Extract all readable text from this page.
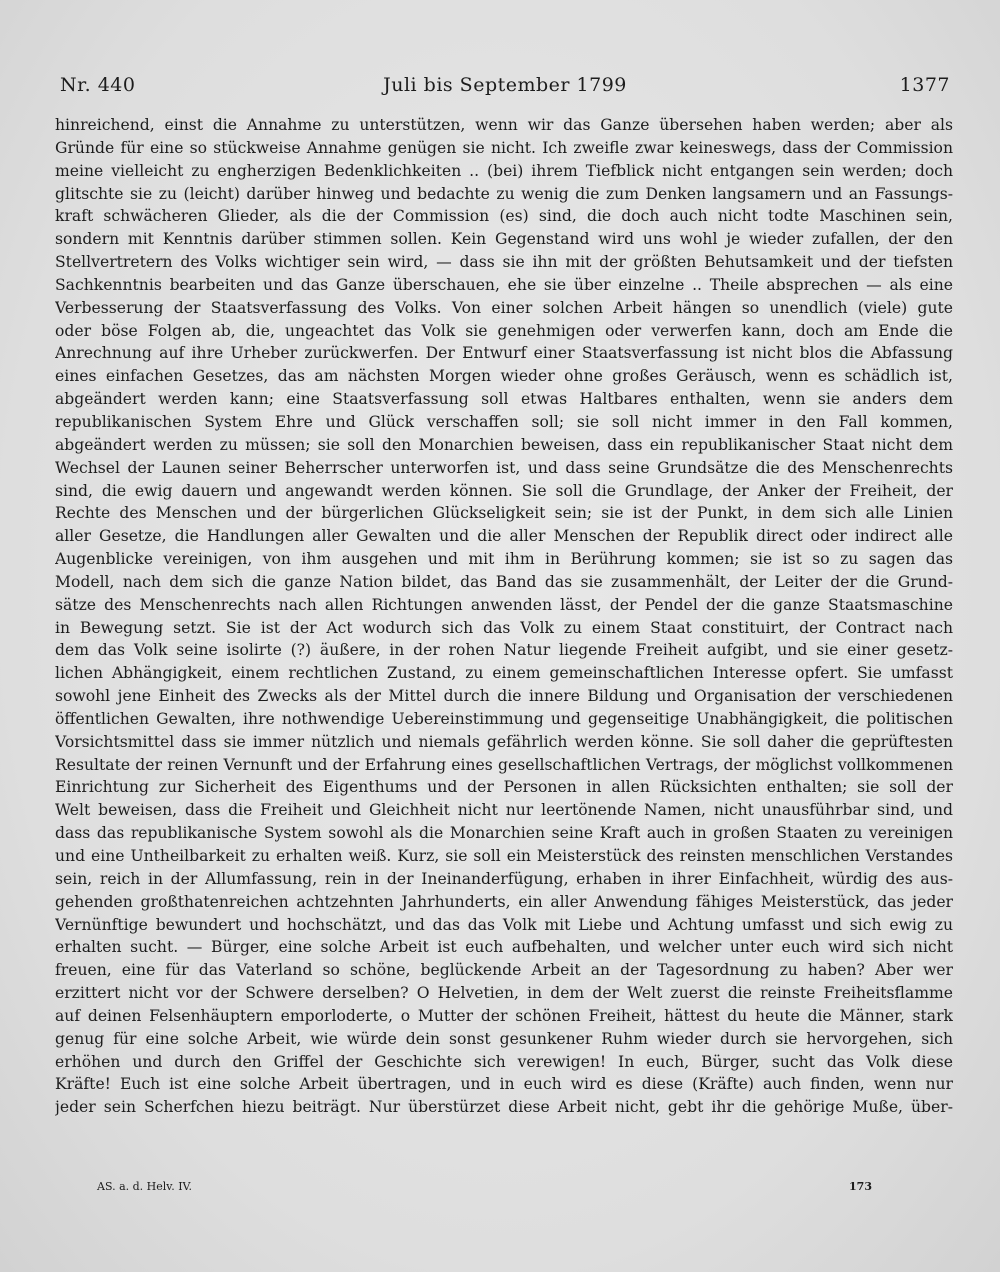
Nr. 440	Juli bis September 1799	1377
hinreichend, einst die Annahme zu unterstützen, wenn wir das Ganze übersehen haben werden; aber als
Gründe für eine so stückweise Annahme genügen sie nicht. Ich zweifle zwar keineswegs, dass der Commission
meine vielleicht zu engherzigen Bedenklichkeiten .. (bei) ihrem Tiefblick nicht entgangen sein werden; doch
glitschte sie zu (leicht) darüber hinweg und bedachte zu wenig die zum Denken langsamern und an Fassungs-
kraft schwächeren Glieder, als die der Commission (es) sind, die doch auch nicht todte Maschinen sein,
sondern mit Kenntnis darüber stimmen sollen. Kein Gegenstand wird uns wohl je wieder zufallen, der den
Stellvertretern des Volks wichtiger sein wird, — dass sie ihn mit der größten Behutsamkeit und der tiefsten
Sachkenntnis bearbeiten und das Ganze überschauen, ehe sie über einzelne .. Theile absprechen — als eine
Verbesserung der Staatsverfassung des Volks. Von einer solchen Arbeit hängen so unendlich (viele) gute
oder böse Folgen ab, die, ungeachtet das Volk sie genehmigen oder verwerfen kann, doch am Ende die
Anrechnung auf ihre Urheber zurückwerfen. Der Entwurf einer Staatsverfassung ist nicht blos die Abfassung
eines einfachen Gesetzes, das am nächsten Morgen wieder ohne großes Geräusch, wenn es schädlich ist,
abgeändert werden kann; eine Staatsverfassung soll etwas Haltbares enthalten, wenn sie anders dem
republikanischen System Ehre und Glück verschaffen soll; sie soll nicht immer in den Fall kommen,
abgeändert werden zu müssen; sie soll den Monarchien beweisen, dass ein republikanischer Staat nicht dem
Wechsel der Launen seiner Beherrscher unterworfen ist, und dass seine Grundsätze die des Menschenrechts
sind, die ewig dauern und angewandt werden können. Sie soll die Grundlage, der Anker der Freiheit, der
Rechte des Menschen und der bürgerlichen Glückseligkeit sein; sie ist der Punkt, in dem sich alle Linien
aller Gesetze, die Handlungen aller Gewalten und die aller Menschen der Republik direct oder indirect alle
Augenblicke vereinigen, von ihm ausgehen und mit ihm in Berührung kommen; sie ist so zu sagen das
Modell, nach dem sich die ganze Nation bildet, das Band das sie zusammenhält, der Leiter der die Grund-
sätze des Menschenrechts nach allen Richtungen anwenden lässt, der Pendel der die ganze Staatsmaschine
in Bewegung setzt. Sie ist der Act wodurch sich das Volk zu einem Staat constituirt, der Contract nach
dem das Volk seine isolirte (?) äußere, in der rohen Natur liegende Freiheit aufgibt, und sie einer gesetz-
lichen Abhängigkeit, einem rechtlichen Zustand, zu einem gemeinschaftlichen Interesse opfert. Sie umfasst
sowohl jene Einheit des Zwecks als der Mittel durch die innere Bildung und Organisation der verschiedenen
öffentlichen Gewalten, ihre nothwendige Uebereinstimmung und gegenseitige Unabhängigkeit, die politischen
Vorsichtsmittel dass sie immer nützlich und niemals gefährlich werden könne. Sie soll daher die geprüftesten
Resultate der reinen Vernunft und der Erfahrung eines gesellschaftlichen Vertrags, der möglichst vollkommenen
Einrichtung zur Sicherheit des Eigenthums und der Personen in allen Rücksichten enthalten; sie soll der
Welt beweisen, dass die Freiheit und Gleichheit nicht nur leertönende Namen, nicht unausführbar sind, und
dass das republikanische System sowohl als die Monarchien seine Kraft auch in großen Staaten zu vereinigen
und eine Untheilbarkeit zu erhalten weiß. Kurz, sie soll ein Meisterstück des reinsten menschlichen Verstandes
sein, reich in der Allumfassung, rein in der Ineinanderfügung, erhaben in ihrer Einfachheit, würdig des aus-
gehenden großthatenreichen achtzehnten Jahrhunderts, ein aller Anwendung fähiges Meisterstück, das jeder
Vernünftige bewundert und hochschätzt, und das das Volk mit Liebe und Achtung umfasst und sich ewig zu
erhalten sucht. — Bürger, eine solche Arbeit ist euch aufbehalten, und welcher unter euch wird sich nicht
freuen, eine für das Vaterland so schöne, beglückende Arbeit an der Tagesordnung zu haben? Aber wer
erzittert nicht vor der Schwere derselben? O Helvetien, in dem der Welt zuerst die reinste Freiheitsflamme
auf deinen Felsenhäuptern emporloderte, o Mutter der schönen Freiheit, hättest du heute die Männer, stark
genug für eine solche Arbeit, wie würde dein sonst gesunkener Ruhm wieder durch sie hervorgehen, sich
erhöhen und durch den Griffel der Geschichte sich verewigen! In euch, Bürger, sucht das Volk diese
Kräfte! Euch ist eine solche Arbeit übertragen, und in euch wird es diese (Kräfte) auch finden, wenn nur
jeder sein Scherfchen hiezu beiträgt. Nur überstürzet diese Arbeit nicht, gebt ihr die gehörige Muße, über-
AS. a. d. Helv. IV.	173
